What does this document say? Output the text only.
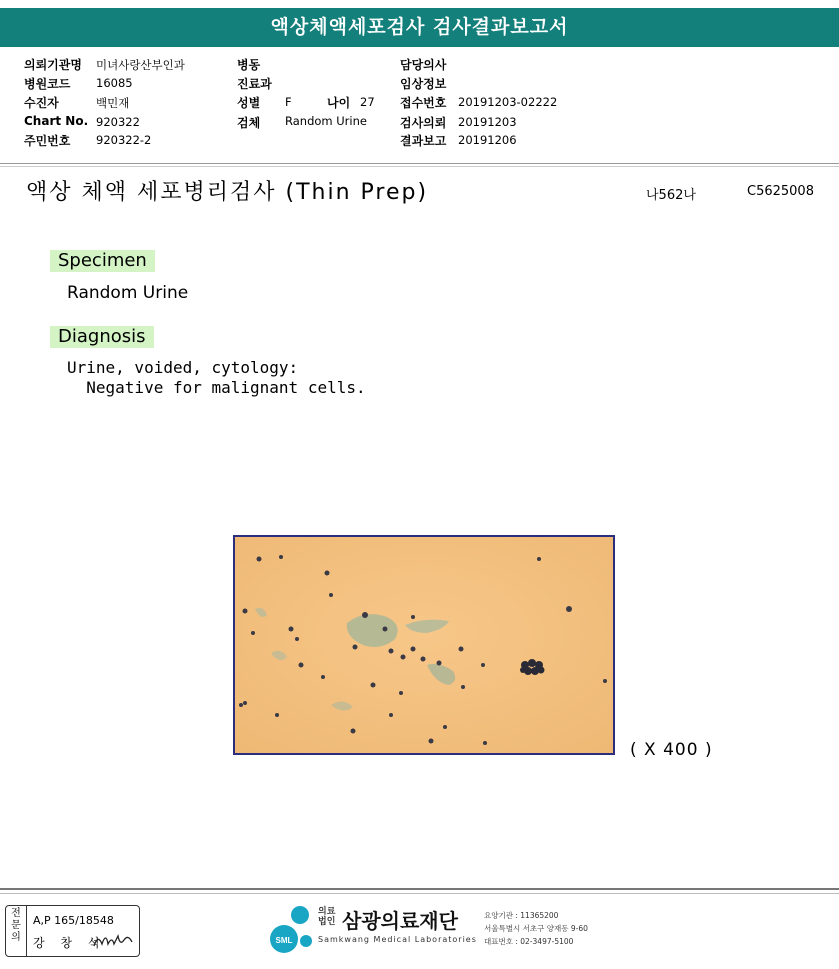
액상체액세포검사 검사결과보고서
의뢰기관명 미녀사랑산부인과
병원코드 16085
수진자	백민재
Chart No. 920322
주민번호 920322-2
병동
진료과
성별 F	나이 27
검체 Random Urine
담당의사
임상정보
접수번호 20191203-02222
검사의뢰 20191203
결과보고 20191206
액상 체액 세포병리검사 (Thin Prep)	나562나	C5625008
Specimen
Random Urine
Diagnosis
Urine, voided, cytology:
Negative for malignant cells.
( X 400 )
전문의
A,P 165/18548
강 창 석	SML
의료
법인 삼광의료재단
Samkwang Medical Laboratories
요양기관 : 11365200
서울특별시 서초구 양재동 9-60
대표번호 : 02-3497-5100
